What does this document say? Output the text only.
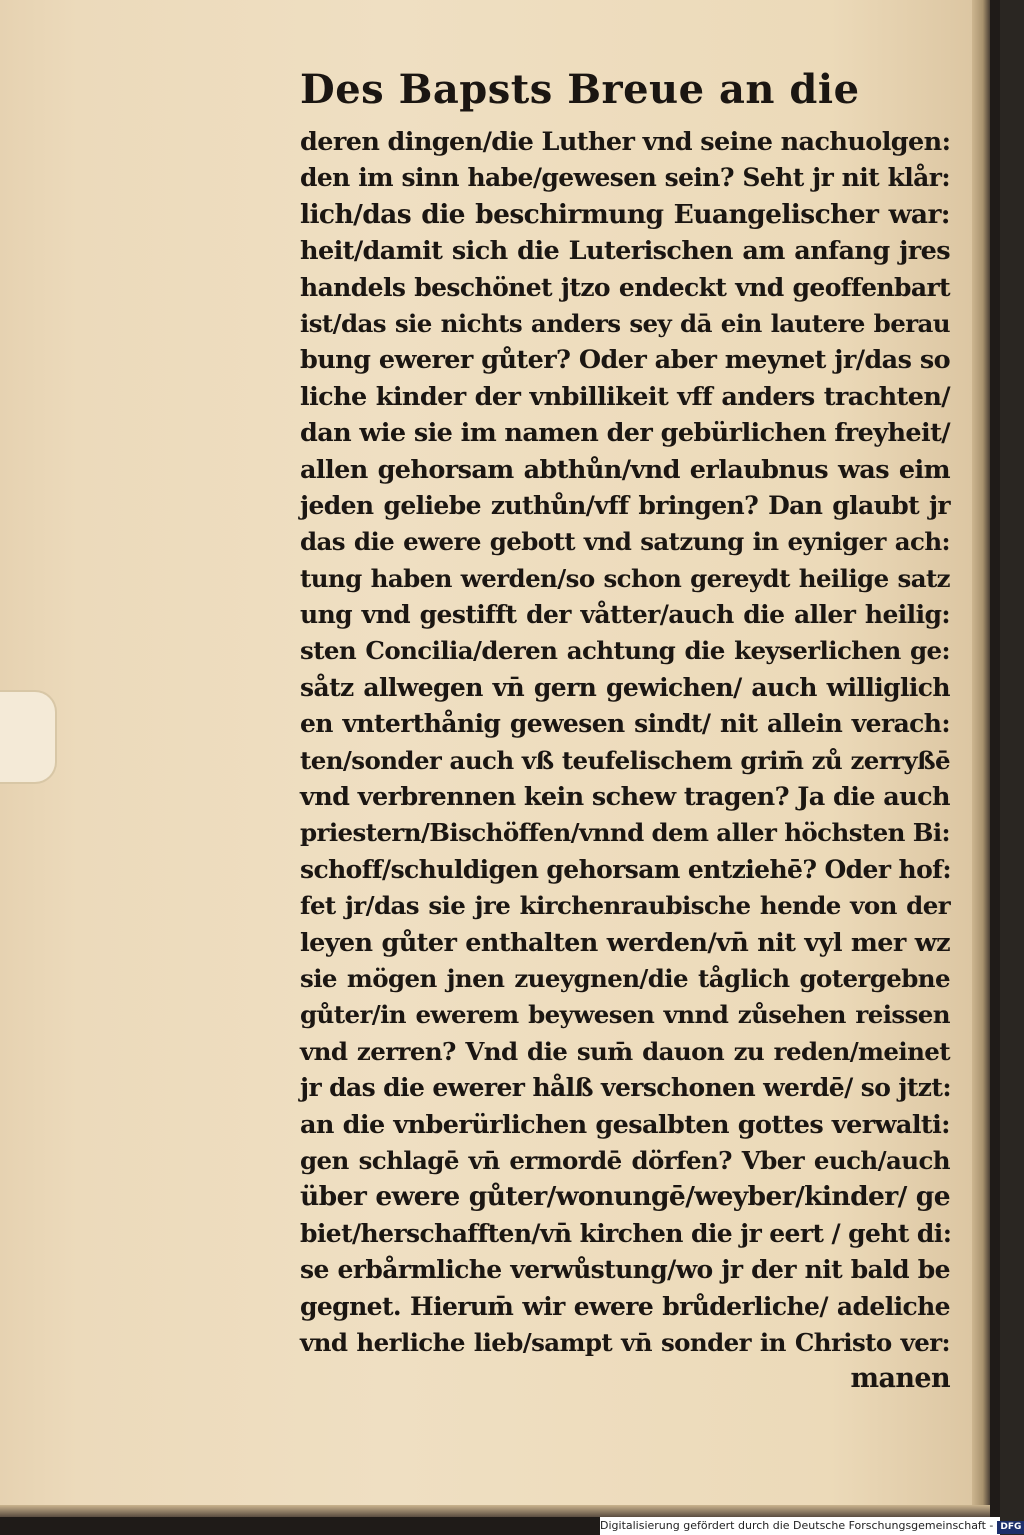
Des Bapsts Breue an die
deren dingen/die Luther vnd seine nachuolgen:
den im sinn habe/gewesen sein? Seht jr nit klår:
lich/das die beschirmung Euangelischer war:
heit/damit sich die Luterischen am anfang jres
handels beschönet jtzo endeckt vnd geoffenbart
ist/das sie nichts anders sey dā ein lautere berau
bung ewerer gůter? Oder aber meynet jr/das so
liche kinder der vnbillikeit vff anders trachten/
dan wie sie im namen der gebürlichen freyheit/
allen gehorsam abthůn/vnd erlaubnus was eim
jeden geliebe zuthůn/vff bringen? Dan glaubt jr
das die ewere gebott vnd satzung in eyniger ach:
tung haben werden/so schon gereydt heilige satz
ung vnd gestifft der våtter/auch die aller heilig:
sten Concilia/deren achtung die keyserlichen ge:
såtz allwegen vn̄ gern gewichen/ auch williglich
en vnterthånig gewesen sindt/ nit allein verach:
ten/sonder auch vß teufelischem grim̄ zů zerryßē
vnd verbrennen kein schew tragen? Ja die auch
priestern/Bischöffen/vnnd dem aller höchsten Bi:
schoff/schuldigen gehorsam entziehē? Oder hof:
fet jr/das sie jre kirchenraubische hende von der
leyen gůter enthalten werden/vn̄ nit vyl mer wz
sie mögen jnen zueygnen/die tåglich gotergebne
gůter/in ewerem beywesen vnnd zůsehen reissen
vnd zerren? Vnd die sum̄ dauon zu reden/meinet
jr das die ewerer hålß verschonen werdē/ so jtzt:
an die vnberürlichen gesalbten gottes verwalti:
gen schlagē vn̄ ermordē dörfen? Vber euch/auch
über ewere gůter/wonungē/weyber/kinder/ ge
biet/herschafften/vn̄ kirchen die jr eert / geht di:
se erbårmliche verwůstung/wo jr der nit bald be
gegnet. Hierum̄ wir ewere brůderliche/ adeliche
vnd herliche lieb/sampt vn̄ sonder in Christo ver:
manen
Digitalisierung gefördert durch die Deutsche Forschungsgemeinschaft - DFG
